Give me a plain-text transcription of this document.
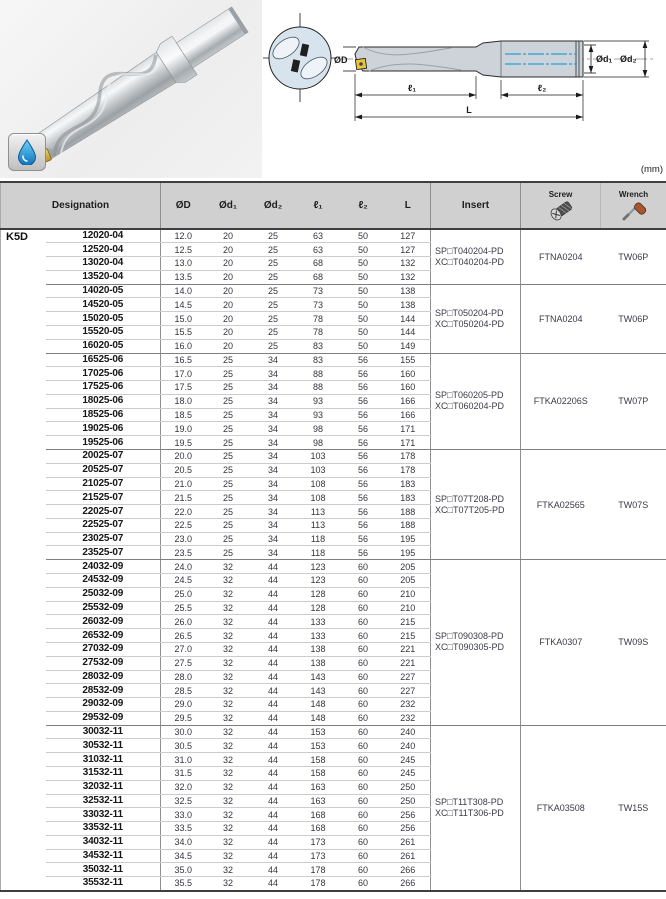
ØD	Ød₁ Ød₂
ℓ₁	ℓ₂
L
(mm)
Designation		ØD	Ød₁	Ød₂	ℓ₁	ℓ₂	L	Insert	Screw	Wrench

K5D	12020-04	12.0	20	25	63	50	127	SP□T040204-PD
XC□T040204-PD	FTNA0204	TW06P
	12520-04	12.5	20	25	63	50	127			
	13020-04	13.0	20	25	68	50	132			
	13520-04	13.5	20	25	68	50	132			
	14020-05	14.0	20	25	73	50	138	SP□T050204-PD
XC□T050204-PD	FTNA0204	TW06P
	14520-05	14.5	20	25	73	50	138			
	15020-05	15.0	20	25	78	50	144			
	15520-05	15.5	20	25	78	50	144			
	16020-05	16.0	20	25	83	50	149			
	16525-06	16.5	25	34	83	56	155	SP□T060205-PD
XC□T060204-PD	FTKA02206S	TW07P
	17025-06	17.0	25	34	88	56	160			
	17525-06	17.5	25	34	88	56	160			
	18025-06	18.0	25	34	93	56	166			
	18525-06	18.5	25	34	93	56	166			
	19025-06	19.0	25	34	98	56	171			
	19525-06	19.5	25	34	98	56	171			
	20025-07	20.0	25	34	103	56	178	SP□T07T208-PD
XC□T07T205-PD	FTKA02565	TW07S
	20525-07	20.5	25	34	103	56	178			
	21025-07	21.0	25	34	108	56	183			
	21525-07	21.5	25	34	108	56	183			
	22025-07	22.0	25	34	113	56	188			
	22525-07	22.5	25	34	113	56	188			
	23025-07	23.0	25	34	118	56	195			
	23525-07	23.5	25	34	118	56	195			
	24032-09	24.0	32	44	123	60	205	SP□T090308-PD
XC□T090305-PD	FTKA0307	TW09S
	24532-09	24.5	32	44	123	60	205			
	25032-09	25.0	32	44	128	60	210			
	25532-09	25.5	32	44	128	60	210			
	26032-09	26.0	32	44	133	60	215			
	26532-09	26.5	32	44	133	60	215			
	27032-09	27.0	32	44	138	60	221			
	27532-09	27.5	32	44	138	60	221			
	28032-09	28.0	32	44	143	60	227			
	28532-09	28.5	32	44	143	60	227			
	29032-09	29.0	32	44	148	60	232			
	29532-09	29.5	32	44	148	60	232			
	30032-11	30.0	32	44	153	60	240	SP□T11T308-PD
XC□T11T306-PD	FTKA03508	TW15S
	30532-11	30.5	32	44	153	60	240			
	31032-11	31.0	32	44	158	60	245			
	31532-11	31.5	32	44	158	60	245			
	32032-11	32.0	32	44	163	60	250			
	32532-11	32.5	32	44	163	60	250			
	33032-11	33.0	32	44	168	60	256			
	33532-11	33.5	32	44	168	60	256			
	34032-11	34.0	32	44	173	60	261			
	34532-11	34.5	32	44	173	60	261			
	35032-11	35.0	32	44	178	60	266			
	35532-11	35.5	32	44	178	60	266			
